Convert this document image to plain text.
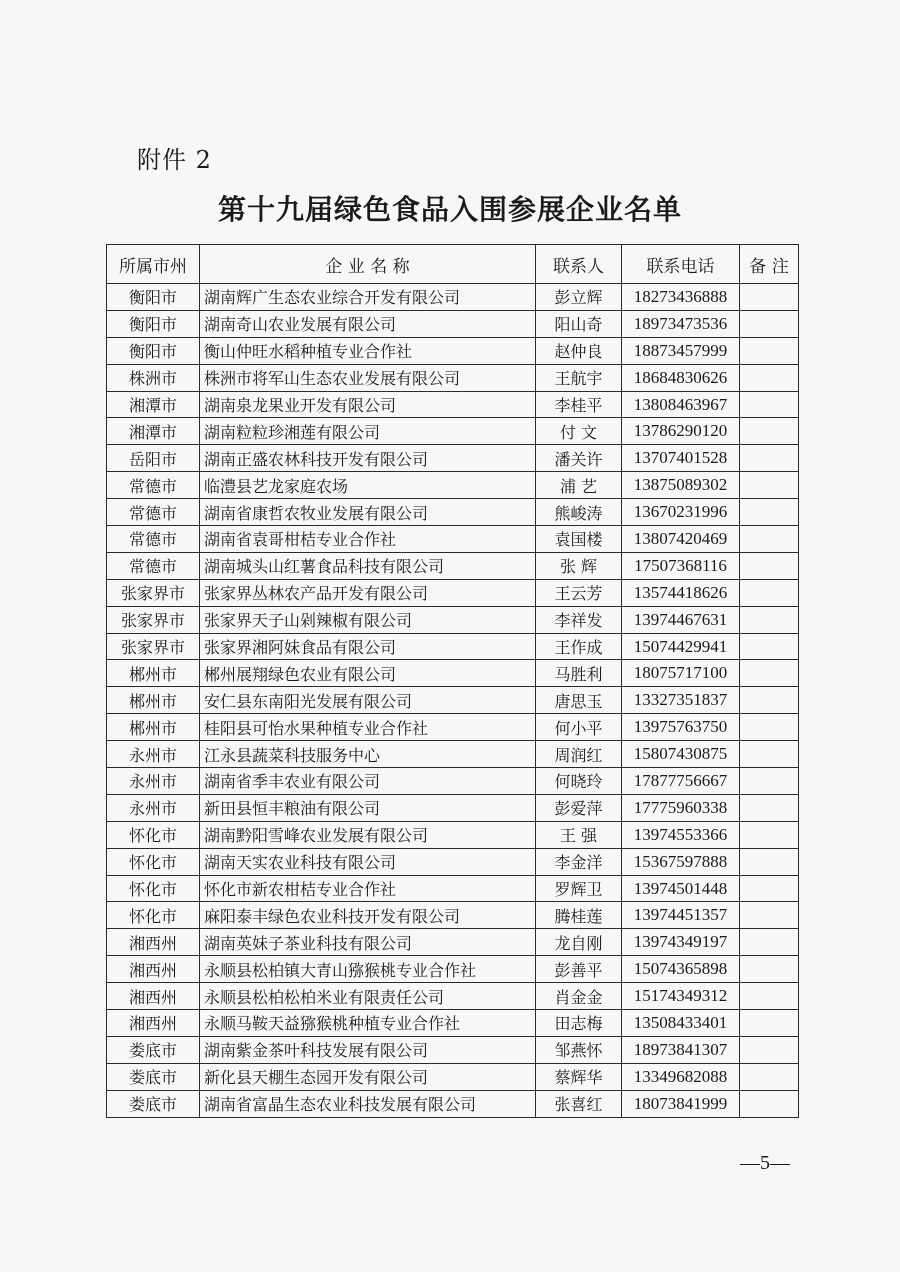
附件 2
第十九届绿色食品入围参展企业名单
所属市州	企 业 名 称	联系人	联系电话	备 注
衡阳市	湖南辉广生态农业综合开发有限公司	彭立辉	18273436888	
衡阳市	湖南奇山农业发展有限公司	阳山奇	18973473536	
衡阳市	衡山仲旺水稻种植专业合作社	赵仲良	18873457999	
株洲市	株洲市将军山生态农业发展有限公司	王航宇	18684830626	
湘潭市	湖南泉龙果业开发有限公司	李桂平	13808463967	
湘潭市	湖南粒粒珍湘莲有限公司	付 文	13786290120	
岳阳市	湖南正盛农林科技开发有限公司	潘关许	13707401528	
常德市	临澧县艺龙家庭农场	浦 艺	13875089302	
常德市	湖南省康哲农牧业发展有限公司	熊峻涛	13670231996	
常德市	湖南省袁哥柑桔专业合作社	袁国楼	13807420469	
常德市	湖南城头山红薯食品科技有限公司	张 辉	17507368116	
张家界市	张家界丛林农产品开发有限公司	王云芳	13574418626	
张家界市	张家界天子山剁辣椒有限公司	李祥发	13974467631	
张家界市	张家界湘阿妹食品有限公司	王作成	15074429941	
郴州市	郴州展翔绿色农业有限公司	马胜利	18075717100	
郴州市	安仁县东南阳光发展有限公司	唐思玉	13327351837	
郴州市	桂阳县可怡水果种植专业合作社	何小平	13975763750	
永州市	江永县蔬菜科技服务中心	周润红	15807430875	
永州市	湖南省季丰农业有限公司	何晓玲	17877756667	
永州市	新田县恒丰粮油有限公司	彭爱萍	17775960338	
怀化市	湖南黔阳雪峰农业发展有限公司	王 强	13974553366	
怀化市	湖南天实农业科技有限公司	李金洋	15367597888	
怀化市	怀化市新农柑桔专业合作社	罗辉卫	13974501448	
怀化市	麻阳泰丰绿色农业科技开发有限公司	腾桂莲	13974451357	
湘西州	湖南英妹子茶业科技有限公司	龙自刚	13974349197	
湘西州	永顺县松柏镇大青山猕猴桃专业合作社	彭善平	15074365898	
湘西州	永顺县松柏松柏米业有限责任公司	肖金金	15174349312	
湘西州	永顺马鞍天益猕猴桃种植专业合作社	田志梅	13508433401	
娄底市	湖南紫金茶叶科技发展有限公司	邹燕怀	18973841307	
娄底市	新化县天棚生态园开发有限公司	蔡辉华	13349682088	
娄底市	湖南省富晶生态农业科技发展有限公司	张喜红	18073841999	
—5—
